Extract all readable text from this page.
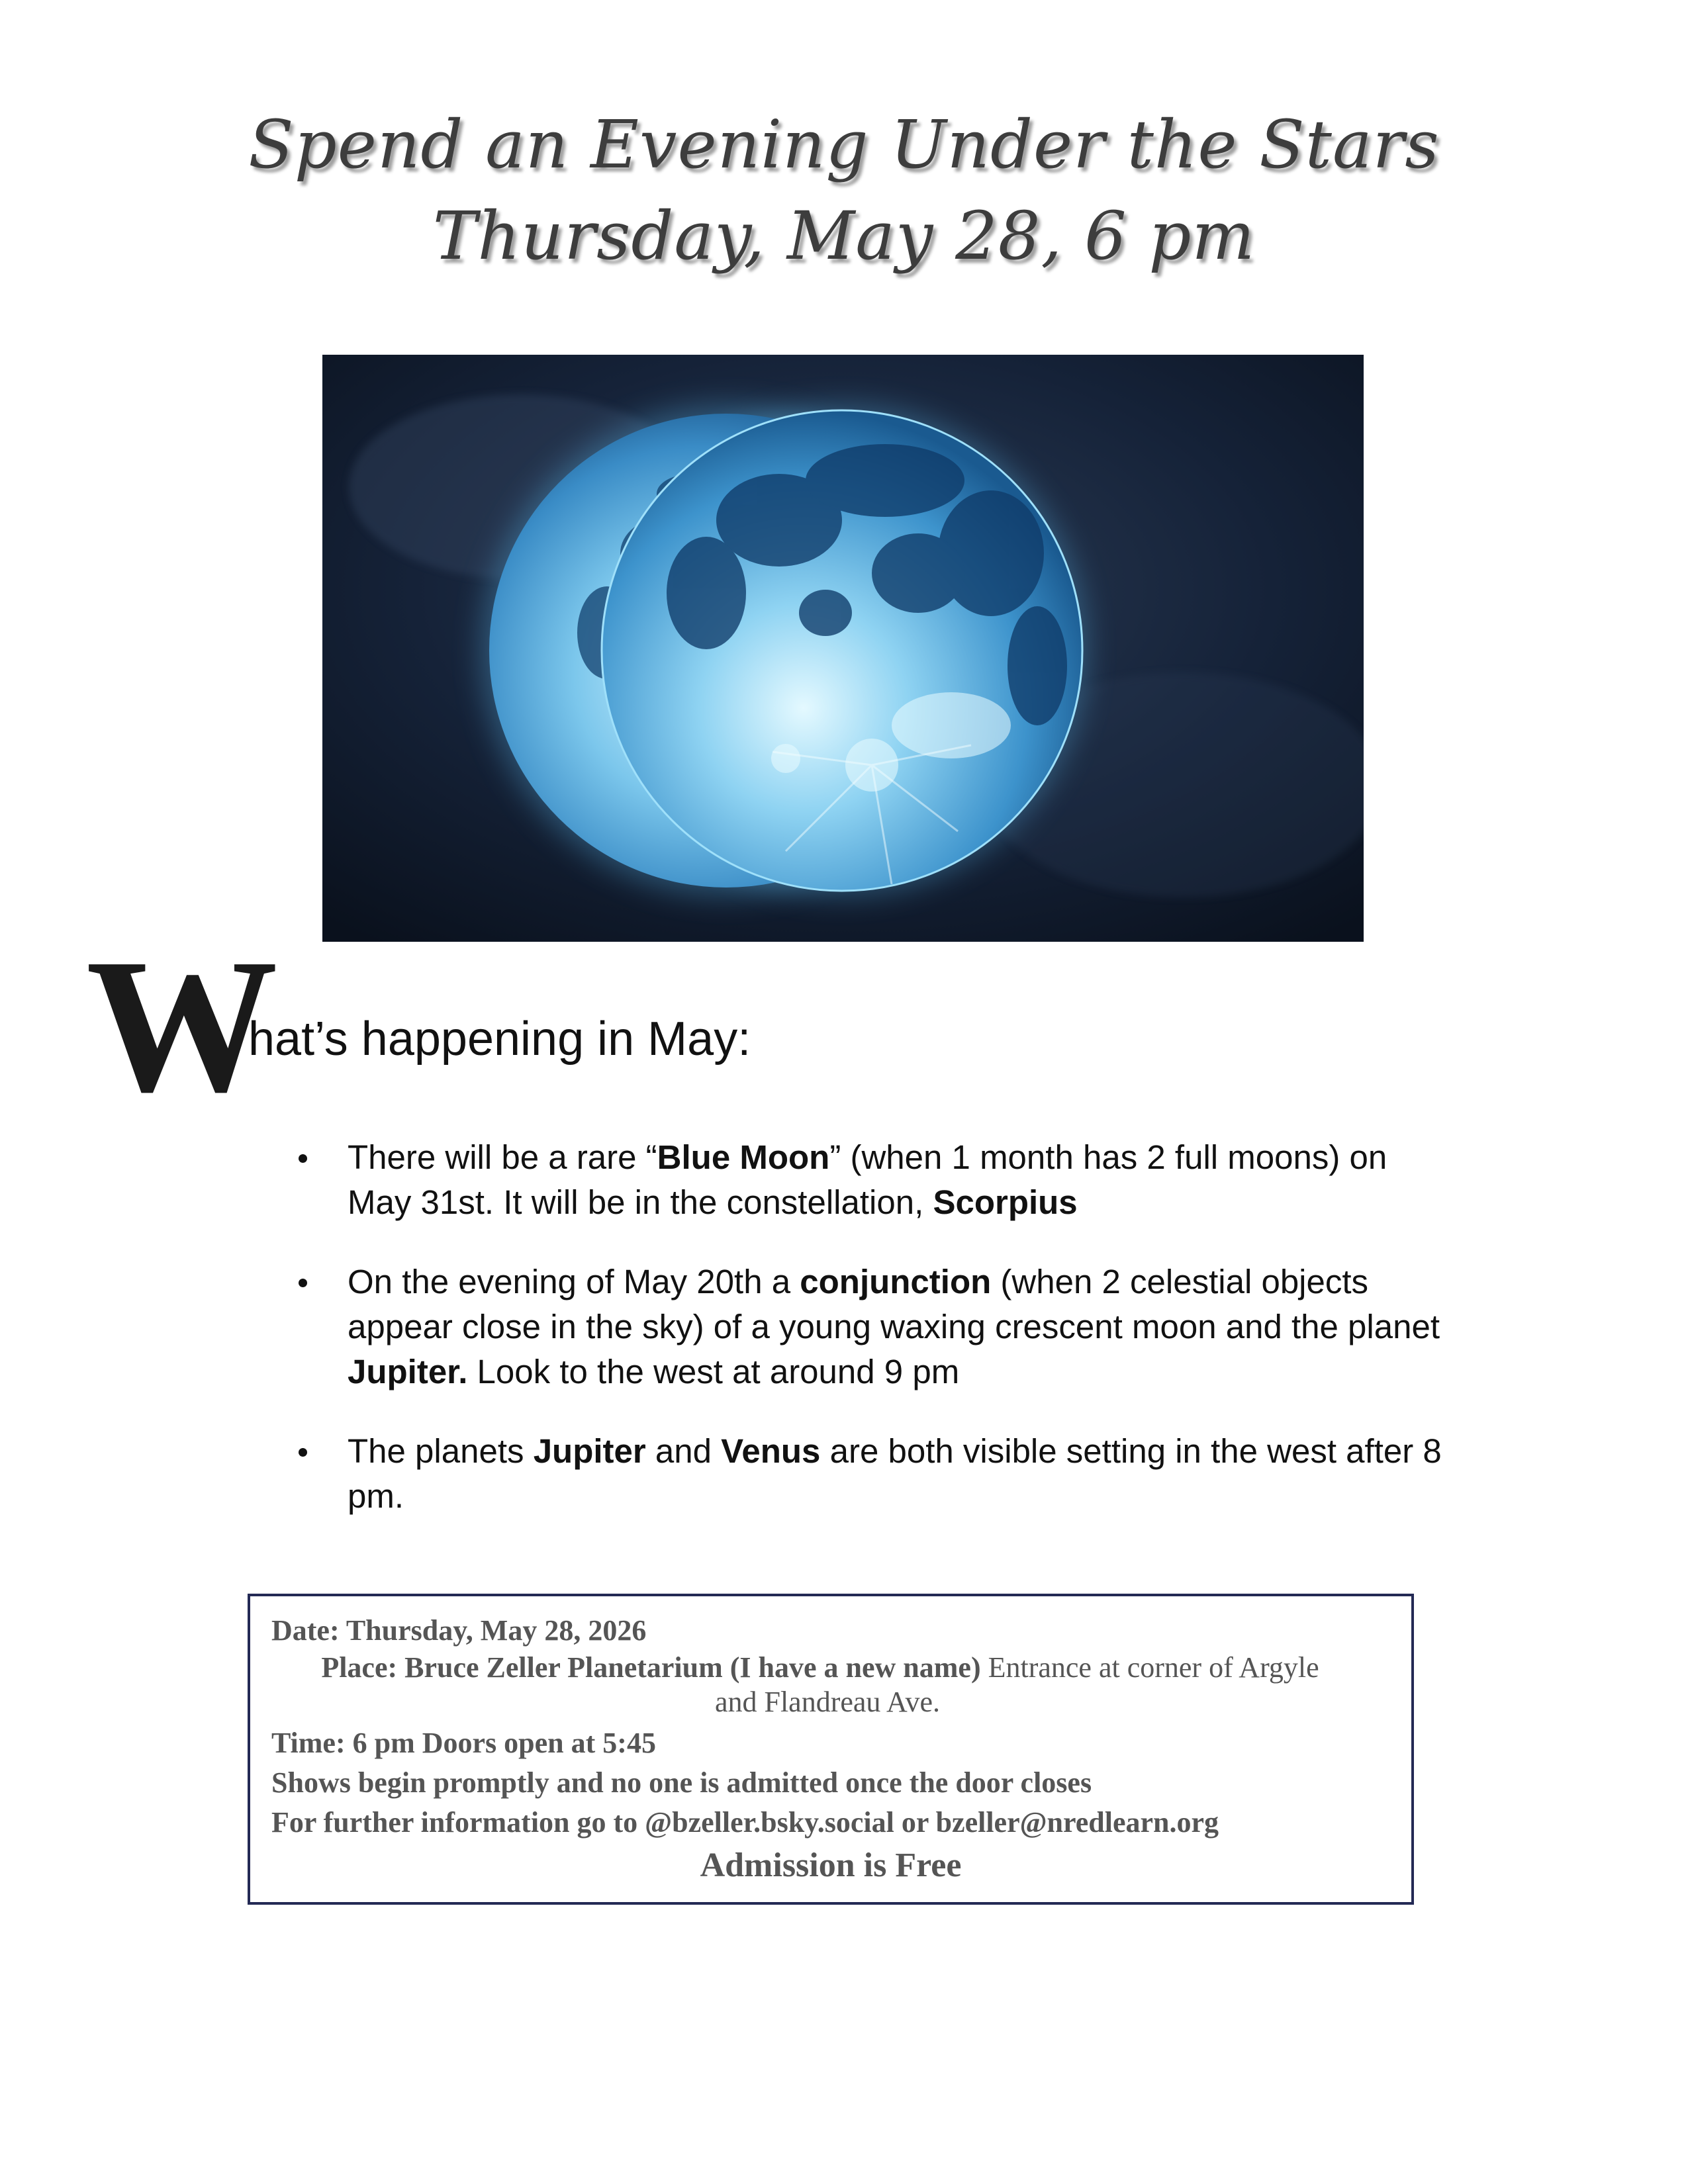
Spend an Evening Under the Stars
Thursday, May 28, 6 pm
W
hat’s happening in May:
There will be a rare “Blue Moon” (when 1 month has 2 full moons) on May 31st. It will be in the constellation, Scorpius
On the evening of May 20th a conjunction (when 2 celestial objects appear close in the sky) of a young waxing crescent moon and the planet Jupiter. Look to the west at around 9 pm
The planets Jupiter and Venus are both visible setting in the west after 8 pm.
Date: Thursday, May 28, 2026
Place: Bruce Zeller Planetarium (I have a new name) Entrance at corner of Argyle
and Flandreau Ave.
Time: 6 pm Doors open at 5:45
Shows begin promptly and no one is admitted once the door closes
For further information go to @bzeller.bsky.social or bzeller@nredlearn.org
Admission is Free
